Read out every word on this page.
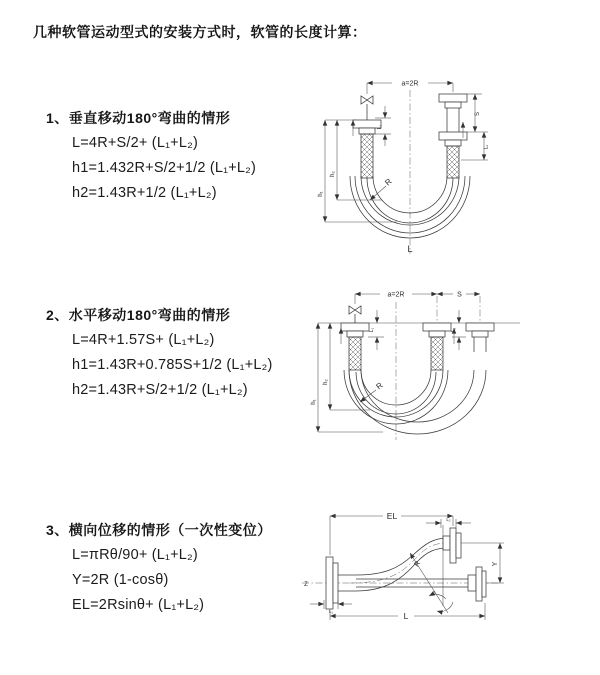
几种软管运动型式的安装方式时，软管的长度计算：
1、垂直移动180°弯曲的情形
L=4R+S/2+ (L₁+L₂)
h1=1.432R+S/2+1/2 (L₁+L₂)
h2=1.43R+1/2 (L₁+L₂)
2、水平移动180°弯曲的情形
L=4R+1.57S+ (L₁+L₂)
h1=1.43R+0.785S+1/2 (L₁+L₂)
h2=1.43R+S/2+1/2 (L₁+L₂)
3、横向位移的情形（一次性变位）
L=πRθ/90+ (L₁+L₂)
Y=2R (1-cosθ)
EL=2Rsinθ+ (L₁+L₂)
a=2R
h₁
h₂
L₁
S
L₂
R
L
a=2R	S
h₁
h₂
L₁	L₂
R
Z
EL	L₂
Y
R
θ
L
L₁
